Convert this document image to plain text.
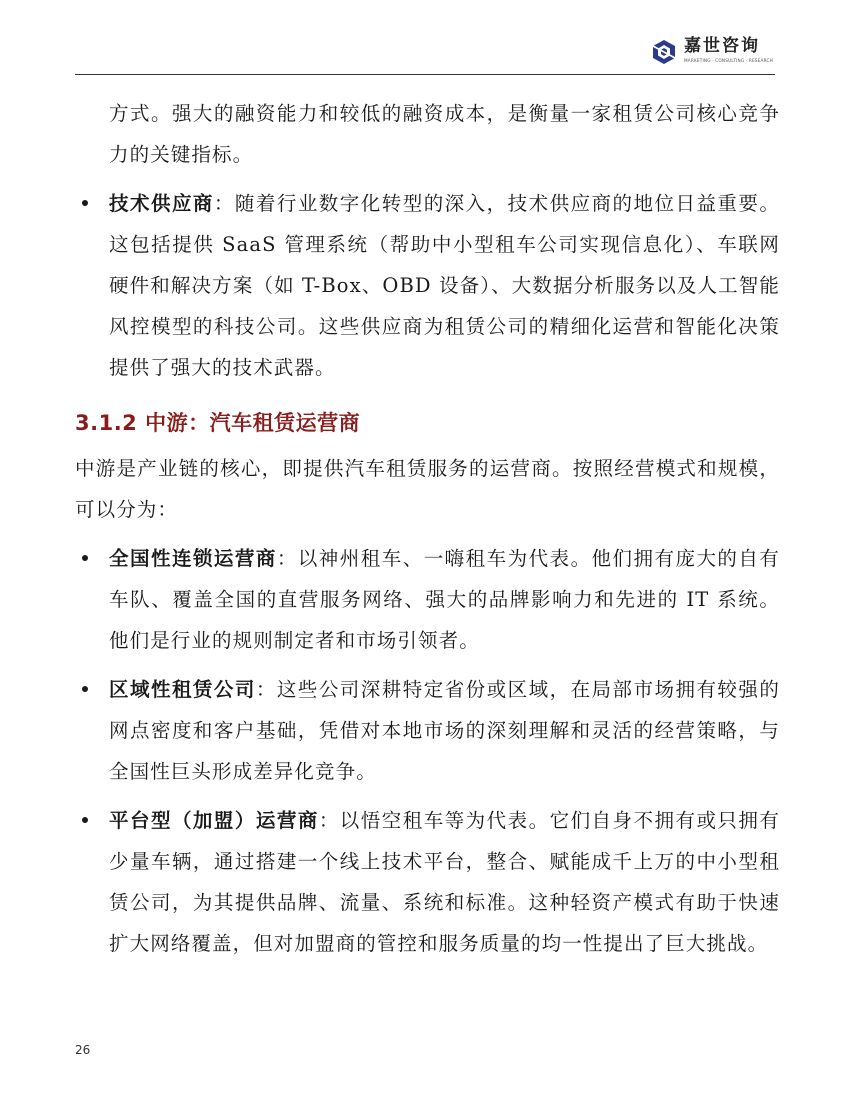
嘉世咨询
MARKETING · CONSULTING · RESEARCH

方式。强大的融资能力和较低的融资成本，是衡量一家租赁公司核心竞争力的关键指标。

技术供应商：随着行业数字化转型的深入，技术供应商的地位日益重要。这包括提供 SaaS 管理系统（帮助中小型租车公司实现信息化）、车联网硬件和解决方案（如 T-Box、OBD 设备）、大数据分析服务以及人工智能风控模型的科技公司。这些供应商为租赁公司的精细化运营和智能化决策提供了强大的技术武器。

3.1.2 中游：汽车租赁运营商

中游是产业链的核心，即提供汽车租赁服务的运营商。按照经营模式和规模，可以分为：

全国性连锁运营商：以神州租车、一嗨租车为代表。他们拥有庞大的自有车队、覆盖全国的直营服务网络、强大的品牌影响力和先进的 IT 系统。他们是行业的规则制定者和市场引领者。

区域性租赁公司：这些公司深耕特定省份或区域，在局部市场拥有较强的网点密度和客户基础，凭借对本地市场的深刻理解和灵活的经营策略，与全国性巨头形成差异化竞争。

平台型（加盟）运营商：以悟空租车等为代表。它们自身不拥有或只拥有少量车辆，通过搭建一个线上技术平台，整合、赋能成千上万的中小型租赁公司，为其提供品牌、流量、系统和标准。这种轻资产模式有助于快速扩大网络覆盖，但对加盟商的管控和服务质量的均一性提出了巨大挑战。

26
